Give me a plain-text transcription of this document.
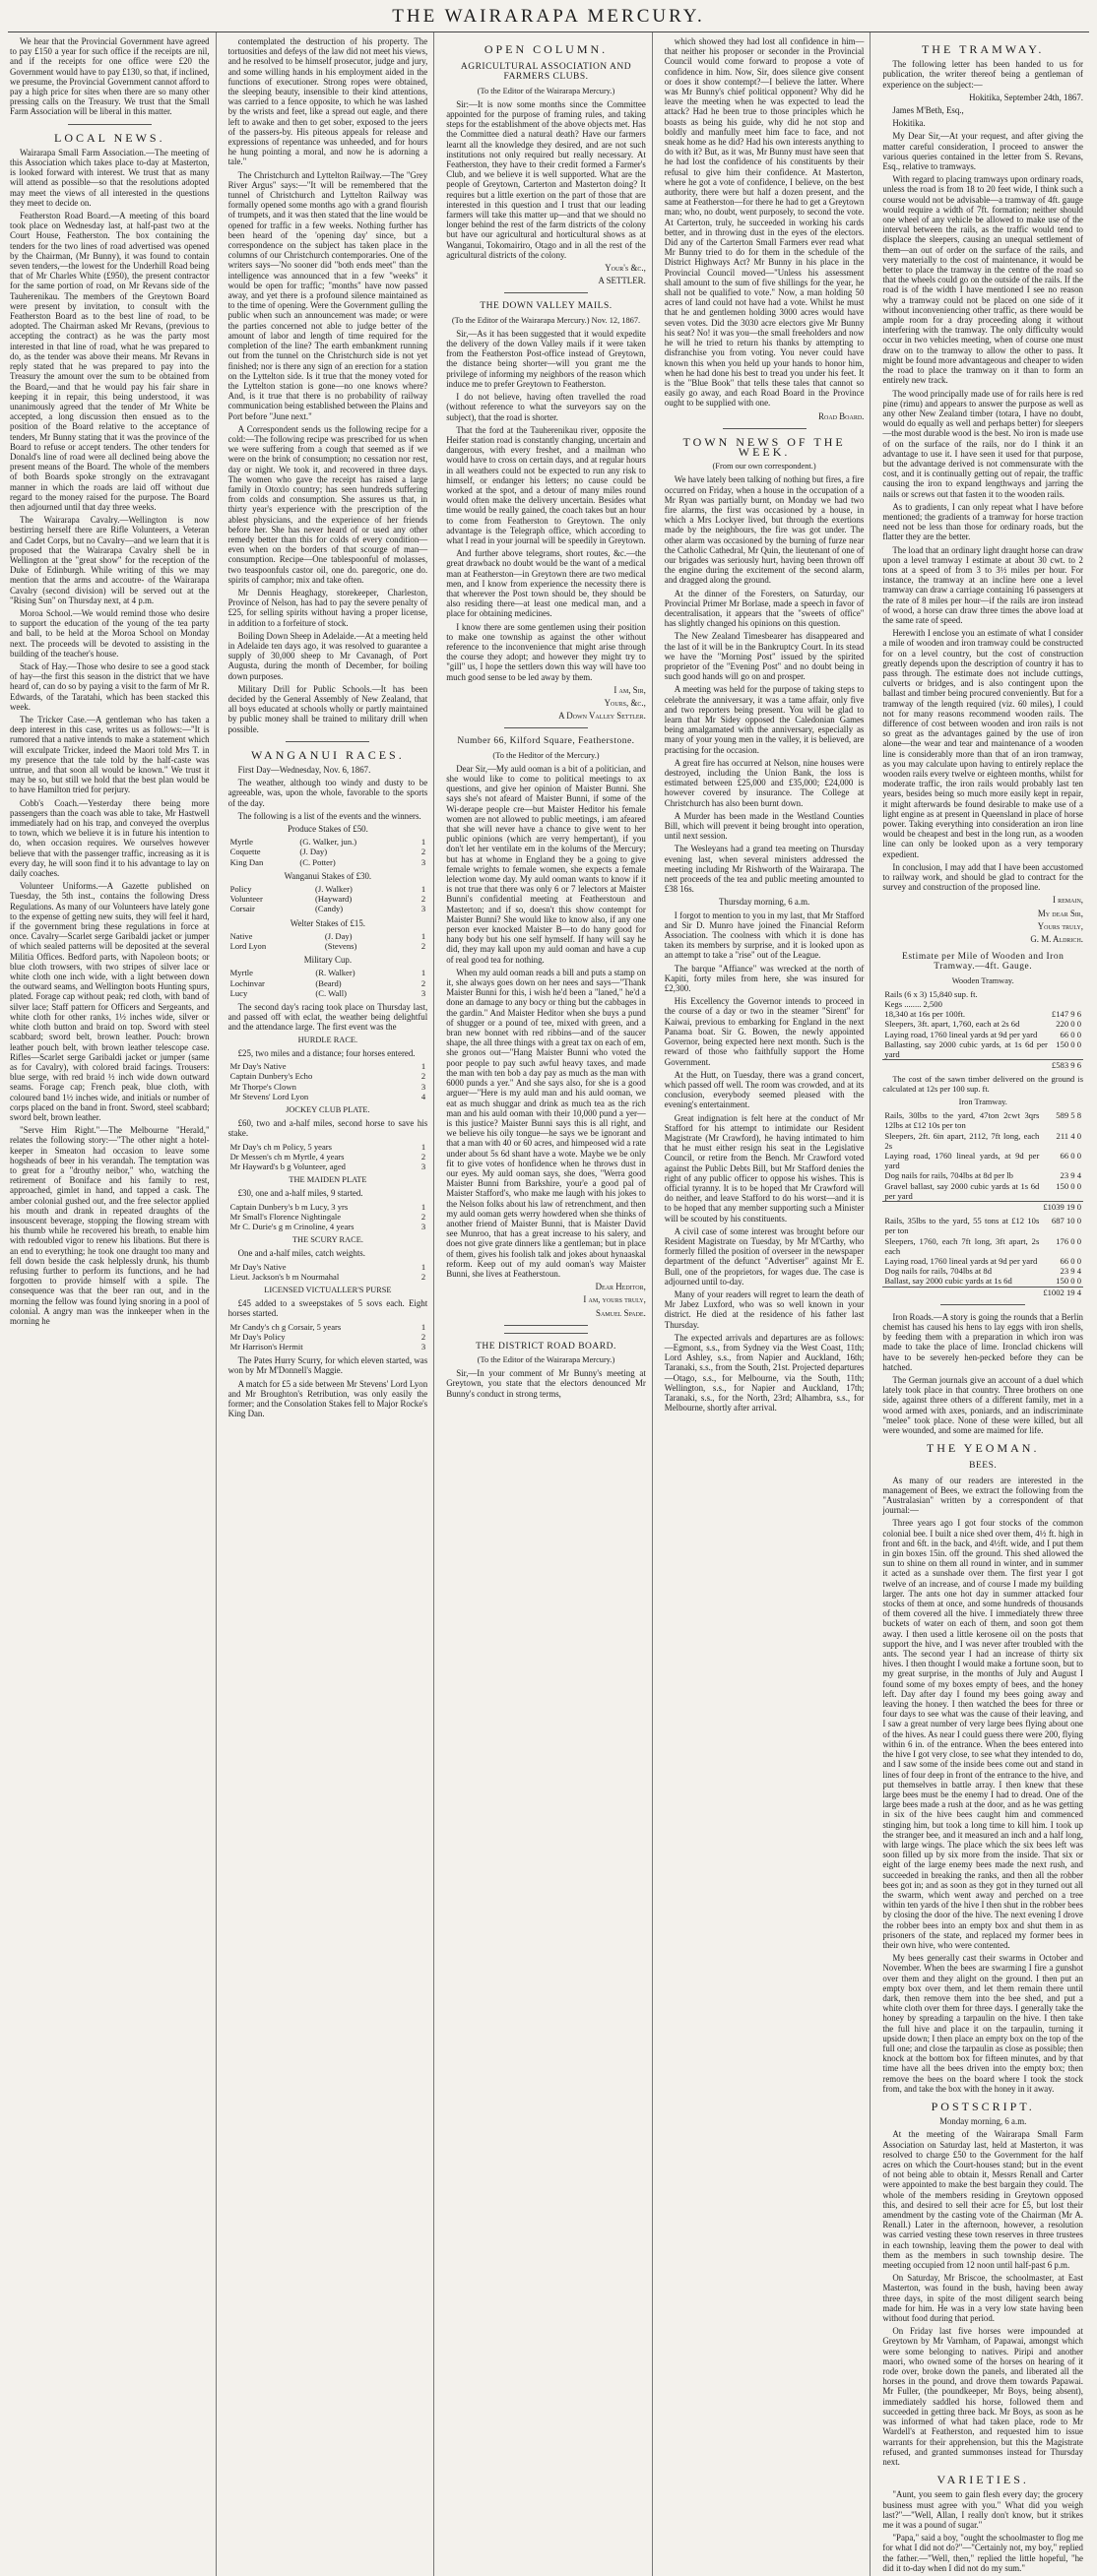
THE WAIRARAPA MERCURY.

We hear that the Provincial Government have agreed to pay £150 a year for such office if the receipts are nil, and if the receipts for one office were £20 the Government would have to pay £130, so that, if inclined, we presume, the Provincial Government cannot afford to pay a high price for sites when there are so many other pressing calls on the Treasury. We trust that the Small Farm Association will be liberal in this matter.

LOCAL NEWS.

Wairarapa Small Farm Association.—The meeting of this Association which takes place to-day at Masterton, is looked forward with interest. We trust that as many will attend as possible—so that the resolutions adopted may meet the views of all interested in the questions they meet to decide on.

Featherston Road Board.—A meeting of this board took place on Wednesday last, at half-past two at the Court House, Featherston. The box containing the tenders for the two lines of road advertised was opened by the Chairman, (Mr Bunny), it was found to contain seven tenders,—the lowest for the Underhill Road being that of Mr Charles White (£950), the present contractor for the same portion of road, on Mr Revans side of the Tauherenikau. The members of the Greytown Board were present by invitation, to consult with the Featherston Board as to the best line of road, to be adopted. The Chairman asked Mr Revans, (previous to accepting the contract) as he was the party most interested in that line of road, what he was prepared to do, as the tender was above their means. Mr Revans in reply stated that he was prepared to pay into the Treasury the amount over the sum to be obtained from the Board,—and that he would pay his fair share in keeping it in repair, this being understood, it was unanimously agreed that the tender of Mr White be accepted, a long discussion then ensued as to the position of the Board relative to the acceptance of tenders, Mr Bunny stating that it was the province of the Board to refuse or accept tenders. The other tenders for Donald's line of road were all declined being above the present means of the Board. The whole of the members of both Boards spoke strongly on the extravagant manner in which the roads are laid off without due regard to the money raised for the purpose. The Board then adjourned until that day three weeks.

The Wairarapa Cavalry.—Wellington is now bestirring herself there are Rifle Volunteers, a Veteran and Cadet Corps, but no Cavalry—and we learn that it is proposed that the Wairarapa Cavalry shell be in Wellington at the "great show" for the reception of the Duke of Edinburgh. While writing of this we may mention that the arms and accoutre- of the Wairarapa Cavalry (second division) will be served out at the "Rising Sun" on Thursday next, at 4 p.m.

Moroa School.—We would remind those who desire to support the education of the young of the tea party and ball, to be held at the Moroa School on Monday next. The proceeds will be devoted to assisting in the building of the teacher's house.

Stack of Hay.—Those who desire to see a good stack of hay—the first this season in the district that we have heard of, can do so by paying a visit to the farm of Mr R. Edwards, of the Taratahi, which has been stacked this week.

The Tricker Case.—A gentleman who has taken a deep interest in this case, writes us as follows:—"It is rumored that a native intends to make a statement which will exculpate Tricker, indeed the Maori told Mrs T. in my presence that the tale told by the half-caste was untrue, and that soon all would be known." We trust it may be so, but still we hold that the best plan would be to have Hamilton tried for perjury.

Cobb's Coach.—Yesterday there being more passengers than the coach was able to take, Mr Hastwell immediately had on his trap, and conveyed the overplus to town, which we believe it is in future his intention to do, when occasion requires. We ourselves however believe that with the passenger traffic, increasing as it is every day, he will soon find it to his advantage to lay on daily coaches.

Volunteer Uniforms.—A Gazette published on Tuesday, the 5th inst., contains the following Dress Regulations. As many of our Volunteers have lately gone to the expense of getting new suits, they will feel it hard, if the government bring these regulations in force at once. Cavalry—Scarlet serge Garibaldi jacket or jumper of which sealed patterns will be deposited at the several Militia Offices. Bedford parts, with Napoleon boots; or blue cloth trowsers, with two stripes of silver lace or white cloth one inch wide, with a light between down the outward seams, and Wellington boots Hunting spurs, plated. Forage cap without peak; red cloth, with band of silver lace; Staff pattern for Officers and Sergeants, and white cloth for other ranks, 1½ inches wide, silver or white cloth button and braid on top. Sword with steel scabbard; sword belt, brown leather. Pouch: brown leather pouch belt, with brown leather telescope case. Rifles—Scarlet serge Garibaldi jacket or jumper (same as for Cavalry), with colored braid facings. Trousers: blue serge, with red braid ½ inch wide down outward seams. Forage cap; French peak, blue cloth, with coloured band 1½ inches wide, and initials or number of corps placed on the band in front. Sword, steel scabbard; sword belt, brown leather.

"Serve Him Right."—The Melbourne "Herald," relates the following story:—"The other night a hotel-keeper in Smeaton had occasion to leave some hogsheads of beer in his verandah. The temptation was to great for a "drouthy neibor," who, watching the retirement of Boniface and his family to rest, approached, gimlet in hand, and tapped a cask. The amber colonial gushed out, and the free selector applied his mouth and drank in repeated draughts of the insouscent beverage, stopping the flowing stream with his thumb while he recovered his breath, to enable him with redoubled vigor to renew his libations. But there is an end to everything; he took one draught too many and fell down beside the cask helplessly drunk, his thumb refusing further to perform its functions, and he had forgotten to provide himself with a spile. The consequence was that the beer ran out, and in the morning the fellow was found lying snoring in a pool of colonial. A angry man was the innkeeper when in the morning he

contemplated the destruction of his property. The tortuosities and defeys of the law did not meet his views, and he resolved to be himself prosecutor, judge and jury, and some willing hands in his employment aided in the functions of executioner. Strong ropes were obtained, the sleeping beauty, insensible to their kind attentions, was carried to a fence opposite, to which he was lashed by the wrists and feet, like a spread out eagle, and there left to awake and then to get sober, exposed to the jeers of the passers-by. His piteous appeals for release and expressions of repentance was unheeded, and for hours he hung pointing a moral, and now he is adorning a tale."

The Christchurch and Lyttelton Railway.—The "Grey River Argus" says:—"It will be remembered that the tunnel of Christchurch and Lyttelton Railway was formally opened some months ago with a grand flourish of trumpets, and it was then stated that the line would be opened for traffic in a few weeks. Nothing further has been heard of the 'opening day' since, but a correspondence on the subject has taken place in the columns of our Christchurch contemporaries. One of the writers says—'No sooner did "both ends meet" than the intelligence was announced that in a few "weeks" it would be open for traffic; "months" have now passed away, and yet there is a profound silence maintained as to the time of opening. Were the Government gulling the public when such an announcement was made; or were the parties concerned not able to judge better of the amount of labor and length of time required for the completion of the line? The earth embankment running out from the tunnel on the Christchurch side is not yet finished; nor is there any sign of an erection for a station on the Lyttelton side. Is it true that the money voted for the Lyttelton station is gone—no one knows where? And, is it true that there is no probability of railway communication being established between the Plains and Port before "June next."

A Correspondent sends us the following recipe for a cold:—The following recipe was prescribed for us when we were suffering from a cough that seemed as if we were on the brink of consumption; no cessation nor rest, day or night. We took it, and recovered in three days. The women who gave the receipt has raised a large family in Otoxlo country; has seen hundreds suffering from colds and consumption. She assures us that, in thirty year's experience with the prescription of the ablest physicians, and the experience of her friends before her. She has never heard of or used any other remedy better than this for colds of every condition—even when on the borders of that scourge of man—consumption. Recipe—One tablespoonful of molasses, two teaspoonfuls castor oil, one do. paregoric, one do. spirits of camphor; mix and take often.

Mr Dennis Heaghagy, storekeeper, Charleston, Province of Nelson, has had to pay the severe penalty of £25, for selling spirits without having a proper license, in addition to a forfeiture of stock.

Boiling Down Sheep in Adelaide.—At a meeting held in Adelaide ten days ago, it was resolved to guarantee a supply of 30,000 sheep to Mr Cavanagh, of Port Augusta, during the month of December, for boiling down purposes.

Military Drill for Public Schools.—It has been decided by the General Assembly of New Zealand, that all boys educated at schools wholly or partly maintained by public money shall be trained to military drill when possible.

WANGANUI RACES.

First Day—Wednesday, Nov. 6, 1867.

The weather, although too windy and dusty to be agreeable, was, upon the whole, favorable to the sports of the day.

The following is a list of the events and the winners.

Produce Stakes of £50.

Myrtle	(G. Walker, jun.)	1
Coquette	(J. Day)	2
King Dan	(C. Potter)	3

Wanganui Stakes of £30.

Policy	(J. Walker)	1
Volunteer	(Hayward)	2
Corsair	(Candy)	3

Welter Stakes of £15.

Native	(J. Day)	1
Lord Lyon	(Stevens)	2

Military Cup.

Myrtle	(R. Walker)	1
Lochinvar	(Beard)	2
Lucy	(C. Wall)	3

The second day's racing took place on Thursday last, and passed off with eclat, the weather being delightful and the attendance large. The first event was the

HURDLE RACE.

£25, two miles and a distance; four horses entered.

Mr Day's Native	1
Captain Dunbery's Echo	2
Mr Thorpe's Clown	3
Mr Stevens' Lord Lyon	4

JOCKEY CLUB PLATE.

£60, two and a-half miles, second horse to save his stake.

Mr Day's ch m Policy, 5 years	1
Dr Messen's ch m Myrtle, 4 years	2
Mr Hayward's b g Volunteer, aged	3

THE MAIDEN PLATE

£30, one and a-half miles, 9 started.

Captain Dunbery's b m Lucy, 3 yrs	1
Mr Small's Florence Nightingale	2
Mr C. Durie's g m Crinoline, 4 years	3

THE SCURY RACE.

One and a-half miles, catch weights.

Mr Day's Native	1
Lieut. Jackson's b m Nourmahal	2

LICENSED VICTUALLER'S PURSE

£45 added to a sweepstakes of 5 sovs each. Eight horses started.

Mr Candy's ch g Corsair, 5 years	1
Mr Day's Policy	2
Mr Harrison's Hermit	3

The Pates Hurry Scurry, for which eleven started, was won by Mr M'Donnell's Maggie.

A match for £5 a side between Mr Stevens' Lord Lyon and Mr Broughton's Retribution, was only easily the former; and the Consolation Stakes fell to Major Rocke's King Dan.

OPEN COLUMN.
AGRICULTURAL ASSOCIATION AND FARMERS CLUBS.

(To the Editor of the Wairarapa Mercury.)

Sir:—It is now some months since the Committee appointed for the purpose of framing rules, and taking steps for the establishment of the above objects met. Has the Committee died a natural death? Have our farmers learnt all the knowledge they desired, and are not such institutions not only required but really necessary. At Featherston, they have to their credit formed a Farmer's Club, and we believe it is well supported. What are the people of Greytown, Carterton and Masterton doing? It requires but a little exertion on the part of those that are interested in this question and I trust that our leading farmers will take this matter up—and that we should no longer behind the rest of the farm districts of the colony but have our agricultural and horticultural shows as at Wanganui, Tokomairiro, Otago and in all the rest of the agricultural districts of the colony.

Your's &c.,

A SETTLER.

THE DOWN VALLEY MAILS.

(To the Editor of the Wairarapa Mercury.) Nov. 12, 1867.

Sir,—As it has been suggested that it would expedite the delivery of the down Valley mails if it were taken from the Featherston Post-office instead of Greytown, the distance being shorter—will you grant me the privilege of informing my neighbors of the reason which induce me to prefer Greytown to Featherston.

I do not believe, having often travelled the road (without reference to what the surveyors say on the subject), that the road is shorter.

That the ford at the Tauherenikau river, opposite the Heifer station road is constantly changing, uncertain and dangerous, with every freshet, and a mailman who would have to cross on certain days, and at regular hours in all weathers could not be expected to run any risk to himself, or endanger his letters; no cause could be worked at the spot, and a detour of many miles round would often make the delivery uncertain. Besides what time would be really gained, the coach takes but an hour to come from Featherston to Greytown. The only advantage is the Telegraph office, which according to what I read in your journal will be speedily in Greytown.

And further above telegrams, short routes, &c.—the great drawback no doubt would be the want of a medical man at Featherston—in Greytown there are two medical men, and I know from experience the necessity there is that wherever the Post town should be, they should be also residing there—at least one medical man, and a place for obtaining medicines.

I know there are some gentlemen using their position to make one township as against the other without reference to the inconvenience that might arise through the course they adopt; and however they might try to "gill" us, I hope the settlers down this way will have too much good sense to be led away by them.

I am, Sir,

Yours, &c.,

A Down Valley Settler.

Number 66, Kilford Square, Featherstone.

(To the Heditor of the Mercury.)

Dear Sir,—My auld ooman is a bit of a politician, and she would like to come to political meetings to ax questions, and give her opinion of Maister Bunni. She says she's not afeard of Maister Bunni, if some of the Wi-derape people cre—but Maister Heditor his female women are not allowed to public meetings, i am afeared that she will never have a chance to give went to her public opinions (which are verry hempertant), if you don't let her ventilate em in the kolums of the Mercury; but has at whome in England they be a going to give female wrights to female women, she expects a female lelection wome day. My auld ooman wants to know if it is not true that there was only 6 or 7 lelectors at Maister Bunni's confidential meeting at Featherstoun and Masterton; and if so, doesn't this show contempt for Maister Bunni? She would like to know also, if any one person ever knocked Maister B—to do hany good for hany body but his one self hymself. If hany will say he did, they may kall upon my auld ooman and have a cup of real good tea for nothing.

When my auld ooman reads a bill and puts a stamp on it, she always goes down on her nees and says—"Thank Maister Bunni for this, i wish he'd been a "laned," he'd a done an damage to any bocy or thing but the cabbages in the gardin." And Maister Heditor when she buys a pund of shugger or a pound of tee, mixed with green, and a bran new bonnet with red ribbins—and of the saucer shape, the all three things with a great tax on each of em, she gronos out—"Hang Maister Bunni who voted the poor people to pay such awful heavy taxes, and made the man with ten bob a day pay as much as the man with 6000 punds a yer." And she says also, for she is a good arguer—"Here is my auld man and his auld ooman, we eat as much shuggar and drink as much tea as the rich man and his auld ooman with their 10,000 pund a yer—is this justice? Maister Bunni says this is all right, and we believe his oily tongue—he says we be ignorant and that a man with 40 or 60 acres, and himpeosed wid a rate under about 5s 6d shant have a wote. Maybe we be only fit to give votes of honfidence when he throws dust in our eyes. My auld ooman says, she does, "Werra good Maister Bunni from Barkshire, your'e a good pal of Maister Stafford's, who make me laugh with his jokes to the Nelson folks about his law of retrenchment, and then my auld ooman gets werry howdered when she thinks of another friend of Maister Bunni, that is Maister David see Munroo, that has a great increase to his salery, and does not give grate dinners like a gentleman; but in place of them, gives his foolish talk and jokes about hynaaskal reform. Keep out of my auld ooman's way Maister Bunni, she lives at Featherstoun.

Dear Heditor,

I am, yours truly,

Samuel Spade.

THE DISTRICT ROAD BOARD.

(To the Editor of the Wairarapa Mercury.)

Sir,—In your comment of Mr Bunny's meeting at Greytown, you state that the electors denounced Mr Bunny's conduct in strong terms,

which showed they had lost all confidence in him—that neither his proposer or seconder in the Provincial Council would come forward to propose a vote of confidence in him. Now, Sir, does silence give consent or does it show contempt?—I believe the latter. Where was Mr Bunny's chief political opponent? Why did he leave the meeting when he was expected to lead the attack? Had he been true to those principles which he boasts as being his guide, why did he not stop and boldly and manfully meet him face to face, and not sneak home as he did? Had his own interests anything to do with it? But, as it was, Mr Bunny must have seen that he had lost the confidence of his constituents by their refusal to give him their confidence. At Masterton, where he got a vote of confidence, I believe, on the best authority, there were but half a dozen present, and the same at Featherston—for there he had to get a Greytown man; who, no doubt, went purposely, to second the vote. At Carterton, truly, he succeeded in working his cards better, and in throwing dust in the eyes of the electors. Did any of the Carterton Small Farmers ever read what Mr Bunny tried to do for them in the schedule of the District Highways Act? Mr Bunny in his place in the Provincial Council moved—"Unless his assessment shall amount to the sum of five shillings for the year, he shall not be qualified to vote." Now, a man holding 50 acres of land could not have had a vote. Whilst he must that he and gentlemen holding 3000 acres would have seven votes. Did the 3030 acre electors give Mr Bunny his seat? No! it was you—the small freeholders and now he will he tried to return his thanks by attempting to disfranchise you from voting. You never could have known this when you held up your hands to honor him, when he had done his best to tread you under his feet. It is the "Blue Book" that tells these tales that cannot so easily go away, and each Road Board in the Province ought to be supplied with one.

Road Board.

TOWN NEWS OF THE WEEK.

(From our own correspondent.)

We have lately been talking of nothing but fires, a fire occurred on Friday, when a house in the occupation of a Mr Ryan was partially burnt, on Monday we had two fire alarms, the first was occasioned by a house, in which a Mrs Lockyer lived, but through the exertions made by the neighbours, the fire was got under. The other alarm was occasioned by the burning of furze near the Catholic Cathedral, Mr Quin, the lieutenant of one of our brigades was seriously hurt, having been thrown off the engine during the excitement of the second alarm, and dragged along the ground.

At the dinner of the Foresters, on Saturday, our Provincial Primer Mr Borlase, made a speech in favor of decentralisation, it appears that the "sweets of office" has slightly changed his opinions on this question.

The New Zealand Timesbearer has disappeared and the last of it will be in the Bankruptcy Court. In its stead we have the "Morning Post" issued by the spirited proprietor of the "Evening Post" and no doubt being in such good hands will go on and prosper.

A meeting was held for the purpose of taking steps to celebrate the anniversary, it was a tame affair, only five and two reporters being present. You will be glad to learn that Mr Sidey opposed the Caledonian Games being amalgamated with the anniversary, especially as many of your young men in the valley, it is believed, are practising for the occasion.

A great fire has occurred at Nelson, nine houses were destroyed, including the Union Bank, the loss is estimated between £25,000 and £35,000; £24,000 is however covered by insurance. The College at Christchurch has also been burnt down.

A Murder has been made in the Westland Counties Bill, which will prevent it being brought into operation, until next session.

The Wesleyans had a grand tea meeting on Thursday evening last, when several ministers addressed the meeting including Mr Rishworth of the Wairarapa. The nett proceeds of the tea and public meeting amounted to £38 16s.

Thursday morning, 6 a.m.

I forgot to mention to you in my last, that Mr Stafford and Sir D. Munro have joined the Financial Reform Association. The coolness with which it is done has taken its members by surprise, and it is looked upon as an attempt to take a "rise" out of the League.

The barque "Affiance" was wrecked at the north of Kapiti, forty miles from here, she was insured for £2,300.

His Excellency the Governor intends to proceed in the course of a day or two in the steamer "Sirent" for Kaiwai, previous to embarking for England in the next Panama boat. Sir G. Bowen, the newly appointed Governor, being expected here next month. Such is the reward of those who faithfully support the Home Government.

At the Hutt, on Tuesday, there was a grand concert, which passed off well. The room was crowded, and at its conclusion, everybody seemed pleased with the evening's entertainment.

Great indignation is felt here at the conduct of Mr Stafford for his attempt to intimidate our Resident Magistrate (Mr Crawford), he having intimated to him that he must either resign his seat in the Legislative Council, or retire from the Bench. Mr Crawford voted against the Public Debts Bill, but Mr Stafford denies the right of any public officer to oppose his wishes. This is official tyranny. It is to be hoped that Mr Crawford will do neither, and leave Stafford to do his worst—and it is to be hoped that any member supporting such a Minister will be scouted by his constituents.

A civil case of some interest was brought before our Resident Magistrate on Tuesday, by Mr M'Carthy, who formerly filled the position of overseer in the newspaper department of the defunct "Advertiser" against Mr E. Bull, one of the proprietors, for wages due. The case is adjourned until to-day.

Many of your readers will regret to learn the death of Mr Jabez Luxford, who was so well known in your district. He died at the residence of his father last Thursday.

The expected arrivals and departures are as follows:—Egmont, s.s., from Sydney via the West Coast, 11th; Lord Ashley, s.s., from Napier and Auckland, 16th; Taranaki, s.s., from the South, 21st. Projected departures—Otago, s.s., for Melbourne, via the South, 11th; Wellington, s.s., for Napier and Auckland, 17th; Taranaki, s.s., for the North, 23rd; Alhambra, s.s., for Melbourne, shortly after arrival.

THE TRAMWAY.

The following letter has been handed to us for publication, the writer thereof being a gentleman of experience on the subject:—

Hokitika, September 24th, 1867.

James M'Beth, Esq.,

Hokitika.

My Dear Sir,—At your request, and after giving the matter careful consideration, I proceed to answer the various queries contained in the letter from S. Revans, Esq., relative to tramways.

With regard to placing tramways upon ordinary roads, unless the road is from 18 to 20 feet wide, I think such a course would not be advisable—a tramway of 4ft. gauge would require a width of 7ft. formation; neither should one wheel of any vehicle be allowed to make use of the interval between the rails, as the traffic would tend to displace the sleepers, causing an unequal settlement of them—an out of order on the surface of the rails, and very materially to the cost of maintenance, it would be better to place the tramway in the centre of the road so that the wheels could go on the outside of the rails. If the road is of the width I have mentioned I see no reason why a tramway could not be placed on one side of it without inconveniencing other traffic, as there would be ample room for a dray proceeding along it without interfering with the tramway. The only difficulty would occur in two vehicles meeting, when of course one must draw on to the tramway to allow the other to pass. It might be found more advantageous and cheaper to widen the road to place the tramway on it than to form an entirely new track.

The wood principally made use of for rails here is red pine (rimu) and appears to answer the purpose as well as any other New Zealand timber (totara, I have no doubt, would do equally as well and perhaps better) for sleepers—the most durable wood is the best. No iron is made use of on the surface of the rails, nor do I think it an advantage to use it. I have seen it used for that purpose, but the advantage derived is not commensurate with the cost, and it is continually getting out of repair, the traffic causing the iron to expand lengthways and jarring the nails or screws out that fasten it to the wooden rails.

As to gradients, I can only repeat what I have before mentioned; the gradients of a tramway for horse traction need not be less than those for ordinary roads, but the flatter they are the better.

The load that an ordinary light draught horse can draw upon a level tramway I estimate at about 30 cwt. to 2 tons at a speed of from 3 to 3½ miles per hour. For instance, the tramway at an incline here one a level tramway can draw a carriage containing 16 passengers at the rate of 8 miles per hour—if the rails are iron instead of wood, a horse can draw three times the above load at the same rate of speed.

Herewith I enclose you an estimate of what I consider a mile of wooden and iron tramway could be constructed for on a level country, but the cost of construction greatly depends upon the description of country it has to pass through. The estimate does not include cuttings, culverts or bridges, and is also contingent upon the ballast and timber being procured conveniently. But for a tramway of the length required (viz. 60 miles), I could not for many reasons recommend wooden rails. The difference of cost between wooden and iron rails is not so great as the advantages gained by the use of iron alone—the wear and tear and maintenance of a wooden line is considerably more than that of an iron tramway, as you may calculate upon having to entirely replace the wooden rails every twelve or eighteen months, whilst for moderate traffic, the iron rails would probably last ten years, besides being so much more easily kept in repair, it might afterwards be found desirable to make use of a light engine as at present in Queensland in place of horse power. Taking everything into consideration an iron line would be cheapest and best in the long run, as a wooden line can only be looked upon as a very temporary expedient.

In conclusion, I may add that I have been accustomed to railway work, and should be glad to contract for the survey and construction of the proposed line.

I remain,

My dear Sir,

Yours truly,

G. M. Aldrich.

Estimate per Mile of Wooden and Iron Tramway.—4ft. Gauge.

Wooden Tramway.

Rails (6 x 3) 15,840 sup. ft.	
Kegs ........ 2,500	
18,340 at 16s per 100ft.	£147 9 6
Sleepers, 3ft. apart, 1,760, each at 2s 6d	220 0 0
Laying road, 1760 lineal yards at 9d per yard	66 0 0
Ballasting, say 2000 cubic yards, at 1s 6d per yard	150 0 0
	£583 9 6

The cost of the sawn timber delivered on the ground is calculated at 12s per 100 sup. ft.

Iron Tramway.

Rails, 30lbs to the yard, 47ton 2cwt 3qrs 12lbs at £12 10s per ton	589 5 8
Sleepers, 2ft. 6in apart, 2112, 7ft long, each 2s	211 4 0
Laying road, 1760 lineal yards, at 9d per yard	66 0 0
Dog nails for rails, 704lbs at 8d per lb	23 9 4
Gravel ballast, say 2000 cubic yards at 1s 6d per yard	150 0 0
	£1039 19 0

Rails, 35lbs to the yard, 55 tons at £12 10s per ton	687 10 0
Sleepers, 1760, each 7ft long, 3ft apart, 2s each	176 0 0
Laying road, 1760 lineal yards at 9d per yard	66 0 0
Dog nails for rails, 704lbs at 8d	23 9 4
Ballast, say 2000 cubic yards at 1s 6d	150 0 0
	£1002 19 4

Iron Roads.—A story is going the rounds that a Berlin chemist has caused his hens to lay eggs with iron shells, by feeding them with a preparation in which iron was made to take the place of lime. Ironclad chickens will have to be severely hen-pecked before they can be hatched.

The German journals give an account of a duel which lately took place in that country. Three brothers on one side, against three others of a different family, met in a wood armed with axes, poniards, and an indiscriminate "melee" took place. None of these were killed, but all were wounded, and some are maimed for life.

THE YEOMAN.
BEES.

As many of our readers are interested in the management of Bees, we extract the following from the "Australasian" written by a correspondent of that journal:—

Three years ago I got four stocks of the common colonial bee. I built a nice shed over them, 4½ ft. high in front and 6ft. in the back, and 4½ft. wide, and I put them in gin boxes 15in. off the ground. This shed allowed the sun to shine on them all round in winter, and in summer it acted as a sunshade over them. The first year I got twelve of an increase, and of course I made my building larger. The ants one hot day in summer attacked four stocks of them at once, and some hundreds of thousands of them covered all the hive. I immediately threw three buckets of water on each of them, and soon got them away. I then used a little kerosene oil on the posts that support the hive, and I was never after troubled with the ants. The second year I had an increase of thirty six hives. I then thought I would make a fortune soon, but to my great surprise, in the months of July and August I found some of my boxes empty of bees, and the honey left. Day after day I found my bees going away and leaving the honey. I then watched the bees for three or four days to see what was the cause of their leaving, and I saw a great number of very large bees flying about one of the hives. As near I could guess there were 200, flying within 6 in. of the entrance. When the bees entered into the hive I got very close, to see what they intended to do, and I saw some of the inside bees come out and stand in lines of four deep in front of the entrance to the hive, and put themselves in battle array. I then knew that these large bees must be the enemy I had to dread. One of the large bees made a rush at the door, and as he was getting in six of the hive bees caught him and commenced stinging him, but took a long time to kill him. I took up the stranger bee, and it measured an inch and a half long, with large wings. The place which the six bees left was soon filled up by six more from the inside. That six or eight of the large enemy bees made the next rush, and succeeded in breaking the ranks, and then all the robber bees got in; and as soon as they got in they turned out all the swarm, which went away and perched on a tree within ten yards of the hive I then shut in the robber bees by closing the door of the hive. The next evening I drove the robber bees into an empty box and shut them in as prisoners of the state, and replaced my former bees in their own hive, who were contented.

My bees generally cast their swarms in October and November. When the bees are swarming I fire a gunshot over them and they alight on the ground. I then put an empty box over them, and let them remain there until dark, then remove them into the bee shed, and put a white cloth over them for three days. I generally take the honey by spreading a tarpaulin on the hive. I then take the full hive and place it on the tarpaulin, turning it upside down; I then place an empty box on the top of the full one; and close the tarpaulin as close as possible; then knock at the bottom box for fifteen minutes, and by that time have all the bees driven into the empty box; then remove the bees on the board where I took the stock from, and take the box with the honey in it away.

POSTSCRIPT.

Monday morning, 6 a.m.

At the meeting of the Wairarapa Small Farm Association on Saturday last, held at Masterton, it was resolved to charge £50 to the Government for the half acres on which the Court-houses stand; but in the event of not being able to obtain it, Messrs Renall and Carter were appointed to make the best bargain they could. The whole of the members residing in Greytown opposed this, and desired to sell their acre for £5, but lost their amendment by the casting vote of the Chairman (Mr A. Renall.) Later in the afternoon, however, a resolution was carried vesting these town reserves in three trustees in each township, leaving them the power to deal with them as the members in such township desire. The meeting occupied from 12 noon until half-past 6 p.m.

On Saturday, Mr Briscoe, the schoolmaster, at East Masterton, was found in the bush, having been away three days, in spite of the most diligent search being made for him. He was in a very low state having been without food during that period.

On Friday last five horses were impounded at Greytown by Mr Varnham, of Papawai, amongst which were some belonging to natives. Piripi and another maori, who owned some of the horses on hearing of it rode over, broke down the panels, and liberated all the horses in the pound, and drove them towards Papawai. Mr Fuller, (the poundkeeper, Mr Boys, being absent), immediately saddled his horse, followed them and succeeded in getting three back. Mr Boys, as soon as he was informed of what had taken place, rode to Mr Wardell's at Featherston, and requested him to issue warrants for their apprehension, but this the Magistrate refused, and granted summonses instead for Thursday next.

VARIETIES.

"Aunt, you seem to gain flesh every day; the grocery business must agree with you." What did you weigh last?"—"Well, Allan, I really don't know, but it strikes me it was a pound of sugar."

"Papa," said a boy, "ought the schoolmaster to flog me for what I did not do?"—"Certainly not, my boy," replied the father.—"Well, then," replied the little hopeful, "he did it to-day when I did not do my sum."
